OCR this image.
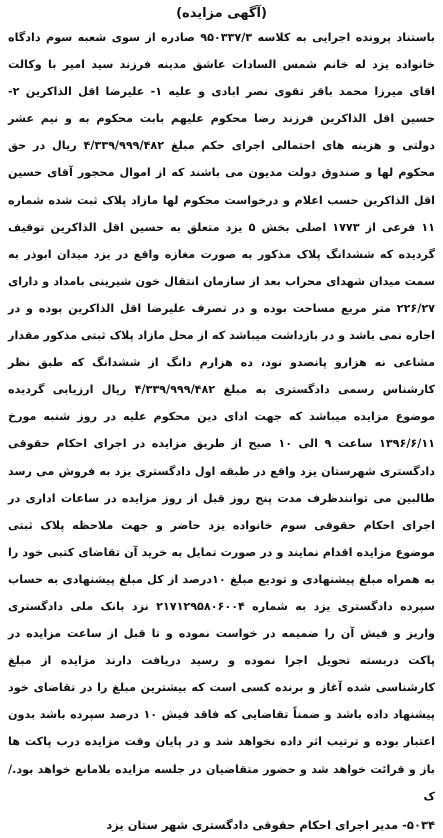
(آگهی مزایده)

باستناد پرونده اجرایی به کلاسه ۹۵۰۳۳۷/۳ صادره از سوی شعبه سوم دادگاه خانواده یزد له خانم شمس السادات عاشق مدینه فرزند سید امیر با وکالت اقای میرزا محمد باقر تقوی نصر ابادی و علیه ۱- علیرضا اقل الذاکرین ۲- حسین اقل الذاکرین فرزند رضا محکوم علیهم بابت محکوم به و نیم عشر دولتی و هزینه های احتمالی اجرای حکم مبلغ ۴/۳۳۹/۹۹۹/۴۸۲ ریال در حق محکوم لها و صندوق دولت مدیون می باشند که از اموال محجور آقای حسین اقل الذاکرین حسب اعلام و درخواست محکوم لها مازاد پلاک ثبت شده شماره ۱۱ فرعی از ۱۷۷۳ اصلی بخش ۵ یزد متعلق به حسین اقل الذاکرین توقیف گردیده که ششدانگ پلاک مذکور به صورت مغازه واقع در یزد میدان ابوذر به سمت میدان شهدای محراب بعد از سازمان انتقال خون شیرینی بامداد و دارای ۲۲۶/۲۷ متر مربع مساحت بوده و در تصرف علیرضا اقل الذاکرین بوده و در اجاره نمی باشد و در بازداشت میباشد که از محل مازاد پلاک ثبتی مذکور مقدار مشاعی نه هزارو پانصدو نود، ده هزارم دانگ از ششدانگ که طبق نظر کارشناس رسمی دادگستری به مبلغ ۴/۳۳۹/۹۹۹/۴۸۲ ریال ارزیابی گردیده موضوع مزایده میباشد که جهت ادای دین محکوم علیه در روز شنبه مورخ ۱۳۹۶/۶/۱۱ ساعت ۹ الی ۱۰ صبح از طریق مزایده در اجرای احکام حقوقی دادگستری شهرستان یزد واقع در طبقه اول دادگستری یزد به فروش می رسد طالبین می توانندظرف مدت پنج روز قبل از روز مزایده در ساعات اداری در اجرای احکام حقوقی سوم خانواده یزد حاضر و جهت ملاحظه پلاک ثبتی موضوع مزایده اقدام نمایند و در صورت تمایل به خرید آن تقاضای کتبی خود را به همراه مبلغ پیشنهادی و تودیع مبلغ ۱۰درصد از کل مبلغ پیشنهادی به حساب سپرده دادگستری یزد به شماره ۲۱۷۱۲۹۵۸۰۶۰۰۴ نزد بانک ملی دادگستری واریز و فیش آن را ضمیمه در خواست نموده و تا قبل از ساعت مزایده در پاکت دربسته تحویل اجرا نموده و رسید دریافت دارند مزایده از مبلغ کارشناسی شده آغاز و برنده کسی است که بیشترین مبلغ را در تقاضای خود پیشنهاد داده باشد و ضمناً تقاضایی که فاقد فیش ۱۰ درصد سپرده باشد بدون اعتبار بوده و ترتیب اثر داده نخواهد شد و در پایان وقت مزایده درب پاکت ها باز و قرائت خواهد شد و حضور متقاضیان در جلسه مزایده بلامانع خواهد بود./ک

۵۰۳۴- مدیر اجرای احکام حقوقی دادگستری شهر ستان یزد
